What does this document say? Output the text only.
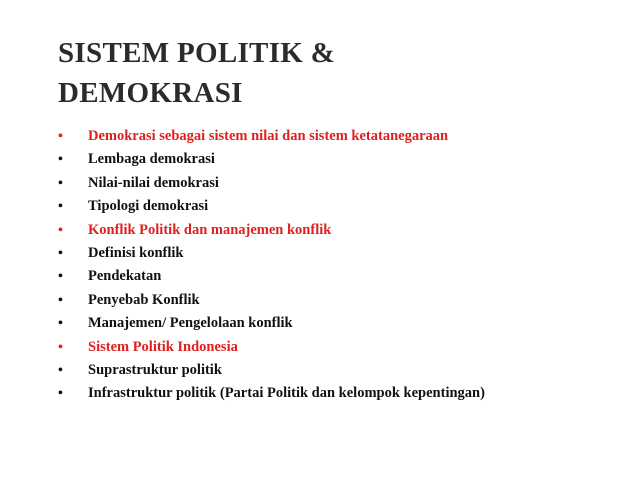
SISTEM POLITIK &
DEMOKRASI
•	Demokrasi sebagai sistem nilai dan sistem ketatanegaraan
•	Lembaga demokrasi
•	Nilai-nilai demokrasi
•	Tipologi demokrasi
•	Konflik Politik dan manajemen konflik
•	Definisi konflik
•	Pendekatan
•	Penyebab Konflik
•	Manajemen/ Pengelolaan konflik
•	Sistem Politik Indonesia
•	Suprastruktur politik
•	Infrastruktur politik (Partai Politik dan kelompok kepentingan)
